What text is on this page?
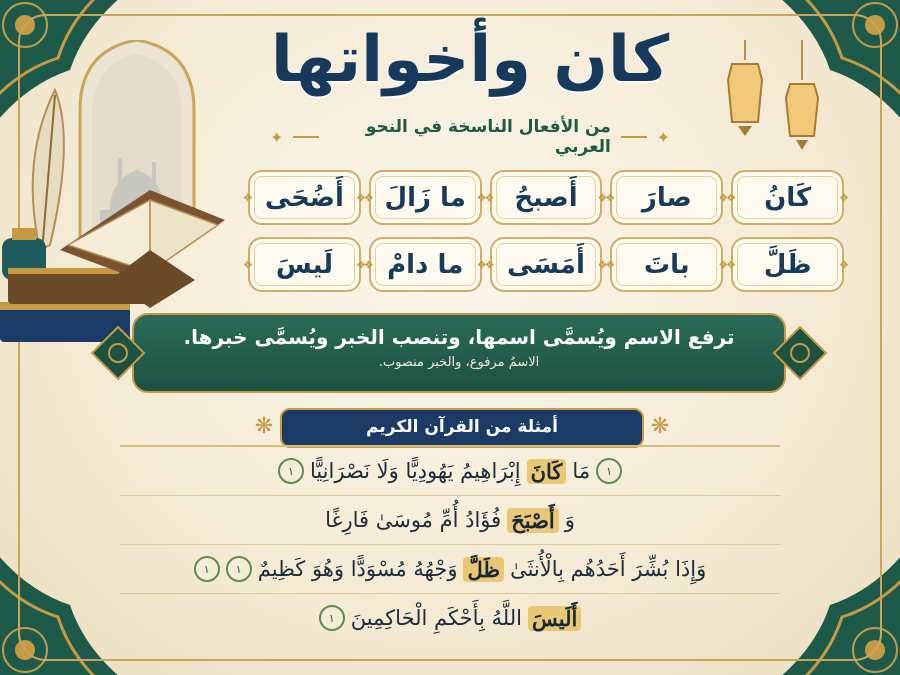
كان وأخواتها
✦	من الأفعال الناسخة في النحو العربي	✦
❖ كَانُ ❖
❖ صارَ ❖
❖ أَصبحُ ❖
❖ ما زَالَ ❖
❖ أَضُحَى ❖
❖ ظَلَّ ❖
❖ باتَ ❖
❖ أَمَسَى ❖
❖ ما دامْ ❖
❖ لَيسَ ❖
ترفع الاسم ويُسمَّى اسمها، وتنصب الخبر ويُسمَّى خبرها.
الاسمُ مرفوع، والخبر منصوب.
❋	أمثلة من القرآن الكريم	❋
١
مَا
كَانَ
إِبْرَاهِيمُ يَهُودِيًّا وَلَا نَصْرَانِيًّا
١
وَ
أَصْبَحَ
فُؤَادُ أُمِّ مُوسَىٰ فَارِغًا
وَإِذَا بُشِّرَ أَحَدُهُم بِالْأُنثَىٰ
ظَلَّ
وَجْهُهُ مُسْوَدًّا وَهُوَ كَظِيمٌ
١
١
أَلَيسَ
اللَّهُ بِأَحْكَمِ الْحَاكِمِينَ
١
